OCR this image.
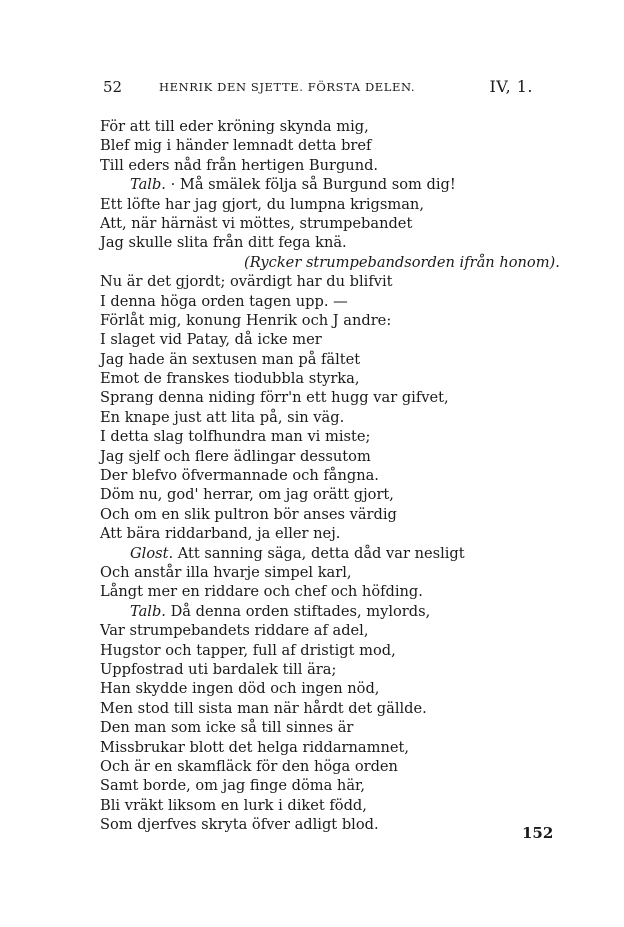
52	HENRIK DEN SJETTE. FÖRSTA DELEN.	IV, 1.
För att till eder kröning skynda mig,
Blef mig i händer lemnadt detta bref
Till eders nåd från hertigen Burgund.
Talb. · Må smälek följa så Burgund som dig!
Ett löfte har jag gjort, du lumpna krigsman,
Att, när härnäst vi möttes, strumpebandet
Jag skulle slita från ditt fega knä.
(Rycker strumpebandsorden ifrån honom).
Nu är det gjordt; ovärdigt har du blifvit
I denna höga orden tagen upp. —
Förlåt mig, konung Henrik och J andre:
I slaget vid Patay, då icke mer
Jag hade än sextusen man på fältet
Emot de franskes tiodubbla styrka,
Sprang denna niding förr'n ett hugg var gifvet,
En knape just att lita på, sin väg.
I detta slag tolfhundra man vi miste;
Jag sjelf och flere ädlingar dessutom
Der blefvo öfvermannade och fångna.
Döm nu, god' herrar, om jag orätt gjort,
Och om en slik pultron bör anses värdig
Att bära riddarband, ja eller nej.
Glost. Att sanning säga, detta dåd var nesligt
Och anstår illa hvarje simpel karl,
Långt mer en riddare och chef och höfding.
Talb. Då denna orden stiftades, mylords,
Var strumpebandets riddare af adel,
Hugstor och tapper, full af dristigt mod,
Uppfostrad uti bardalek till ära;
Han skydde ingen död och ingen nöd,
Men stod till sista man när hårdt det gällde.
Den man som icke så till sinnes är
Missbrukar blott det helga riddarnamnet,
Och är en skamfläck för den höga orden
Samt borde, om jag finge döma här,
Bli vräkt liksom en lurk i diket född,
Som djerfves skryta öfver adligt blod.	152
